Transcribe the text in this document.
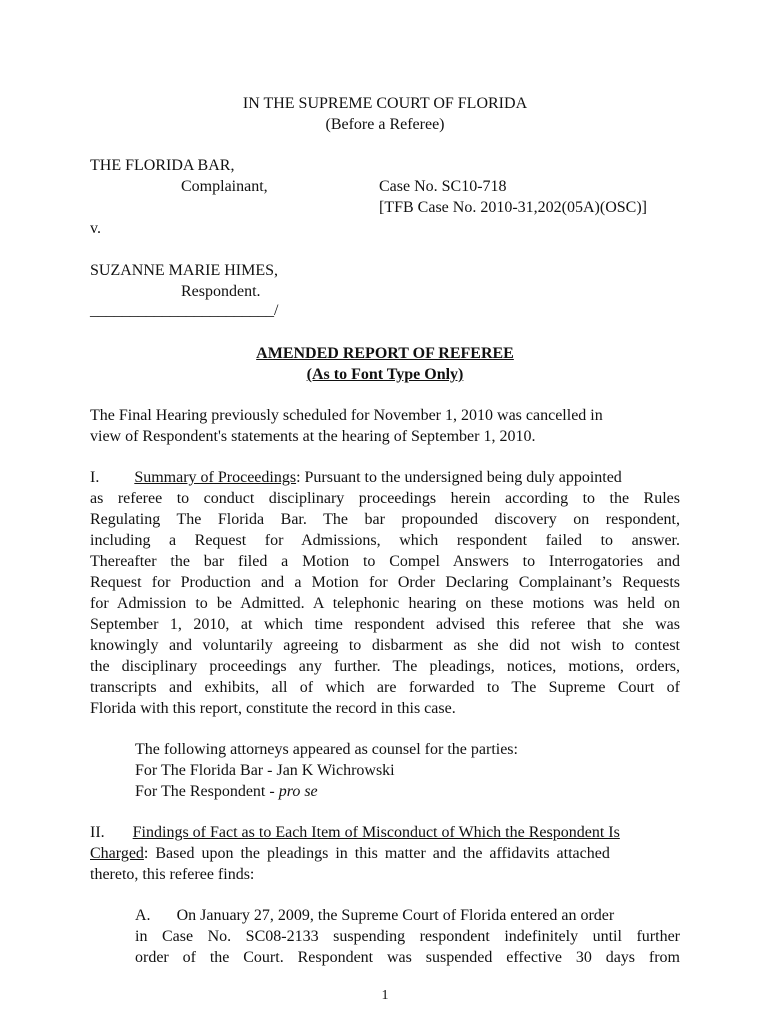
IN THE SUPREME COURT OF FLORIDA
(Before a Referee)
THE FLORIDA BAR,
Complainant,	Case No. SC10-718
[TFB Case No. 2010-31,202(05A)(OSC)]
v.
SUZANNE MARIE HIMES,
Respondent.
_______________________/
AMENDED REPORT OF REFEREE
(As to Font Type Only)
The Final Hearing previously scheduled for November 1, 2010 was cancelled in
view of Respondent's statements at the hearing of September 1, 2010.
I. Summary of Proceedings: Pursuant to the undersigned being duly appointed
as referee to conduct disciplinary proceedings herein according to the Rules
Regulating The Florida Bar. The bar propounded discovery on respondent,
including a Request for Admissions, which respondent failed to answer.
Thereafter the bar filed a Motion to Compel Answers to Interrogatories and
Request for Production and a Motion for Order Declaring Complainant’s Requests
for Admission to be Admitted. A telephonic hearing on these motions was held on
September 1, 2010, at which time respondent advised this referee that she was
knowingly and voluntarily agreeing to disbarment as she did not wish to contest
the disciplinary proceedings any further. The pleadings, notices, motions, orders,
transcripts and exhibits, all of which are forwarded to The Supreme Court of
Florida with this report, constitute the record in this case.
The following attorneys appeared as counsel for the parties:
For The Florida Bar - Jan K Wichrowski
For The Respondent - pro se
II. Findings of Fact as to Each Item of Misconduct of Which the Respondent Is
Charged: Based upon the pleadings in this matter and the affidavits attached
thereto, this referee finds:
A. On January 27, 2009, the Supreme Court of Florida entered an order
in Case No. SC08-2133 suspending respondent indefinitely until further
order of the Court. Respondent was suspended effective 30 days from
1
